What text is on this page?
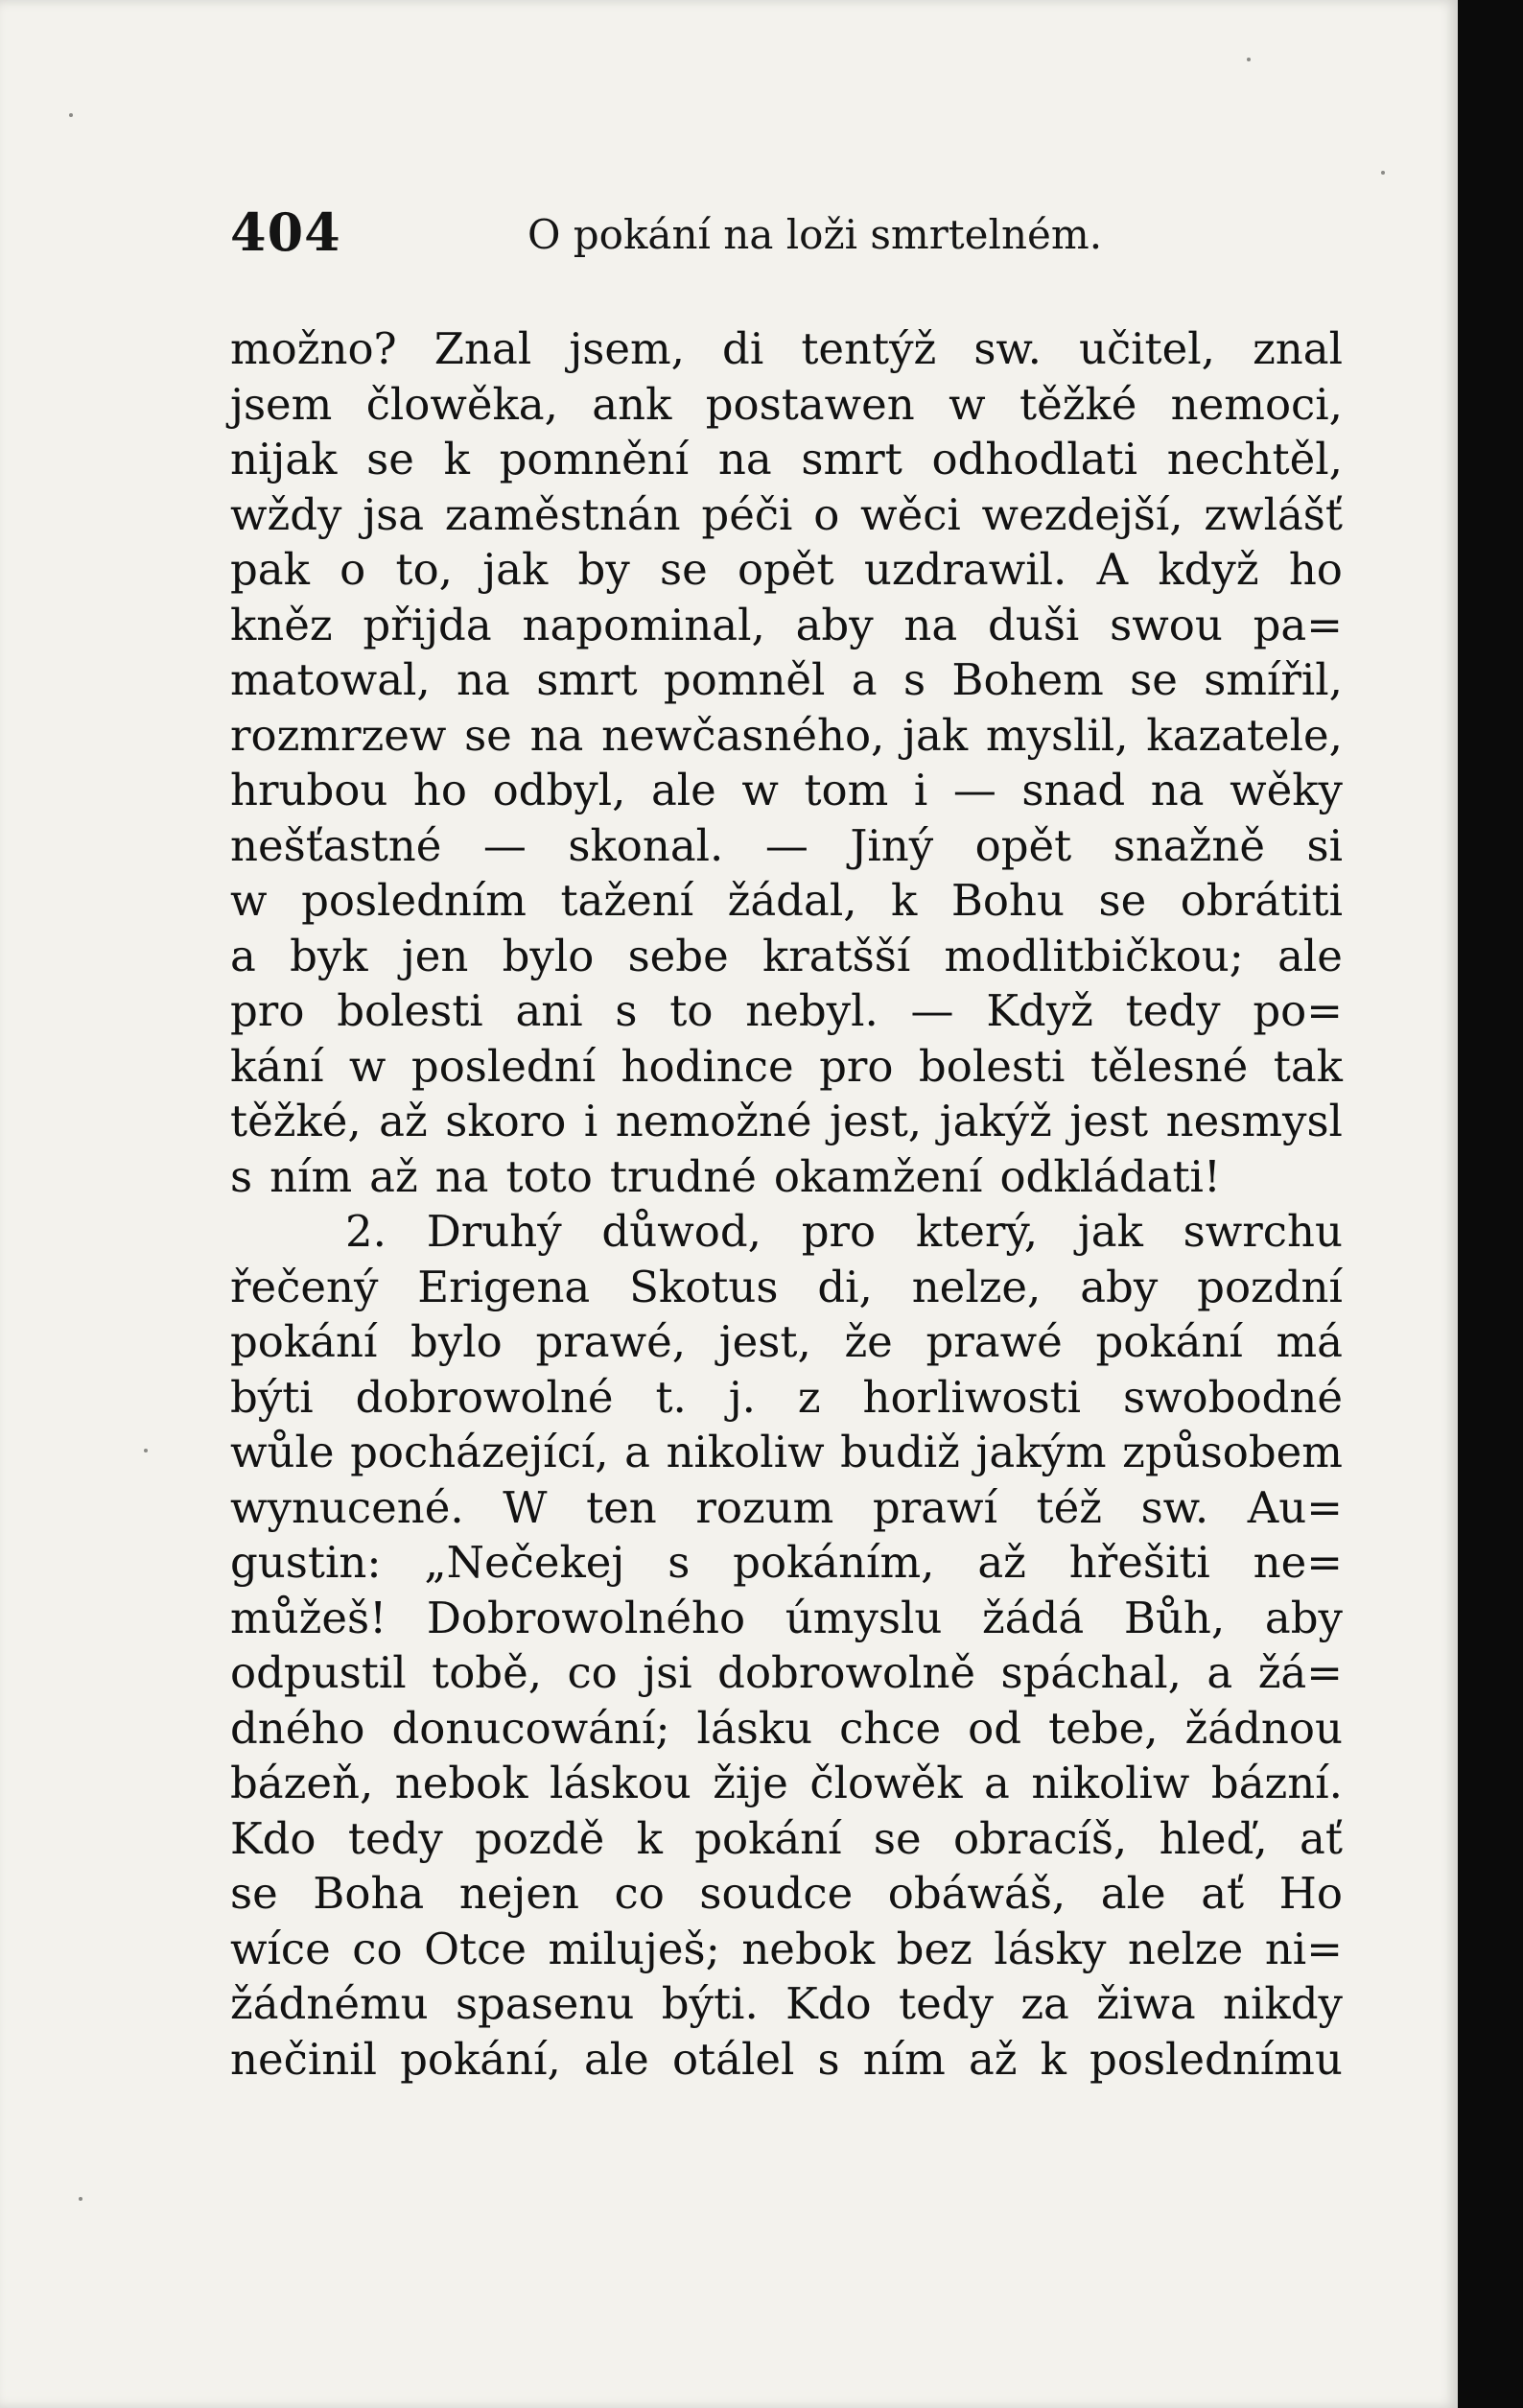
404	O pokání na loži smrtelném.
možno? Znal jsem, di tentýž sw. učitel, znal
jsem člowěka, ank postawen w těžké nemoci,
nijak se k pomnění na smrt odhodlati nechtěl,
wždy jsa zaměstnán péči o wěci wezdejší, zwlášť
pak o to, jak by se opět uzdrawil. A když ho
kněz přijda napominal, aby na duši swou pa=
matowal, na smrt pomněl a s Bohem se smířil,
rozmrzew se na newčasného, jak myslil, kazatele,
hrubou ho odbyl, ale w tom i — snad na wěky
nešťastné — skonal. — Jiný opět snažně si
w posledním tažení žádal, k Bohu se obrátiti
a byk jen bylo sebe kratšší modlitbičkou; ale
pro bolesti ani s to nebyl. — Když tedy po=
kání w poslední hodince pro bolesti tělesné tak
těžké, až skoro i nemožné jest, jakýž jest nesmysl
s ním až na toto trudné okamžení odkládati!
2. Druhý důwod, pro který, jak swrchu
řečený Erigena Skotus di, nelze, aby pozdní
pokání bylo prawé, jest, že prawé pokání má
býti dobrowolné t. j. z horliwosti swobodné
wůle pocházející, a nikoliw budiž jakým způsobem
wynucené. W ten rozum prawí též sw. Au=
gustin: „Nečekej s pokáním, až hřešiti ne=
můžeš! Dobrowolného úmyslu žádá Bůh, aby
odpustil tobě, co jsi dobrowolně spáchal, a žá=
dného donucowání; lásku chce od tebe, žádnou
bázeň, nebok láskou žije člowěk a nikoliw bázní.
Kdo tedy pozdě k pokání se obracíš, hleď, ať
se Boha nejen co soudce obáwáš, ale ať Ho
wíce co Otce miluješ; nebok bez lásky nelze ni=
žádnému spasenu býti. Kdo tedy za žiwa nikdy
nečinil pokání, ale otálel s ním až k poslednímu
